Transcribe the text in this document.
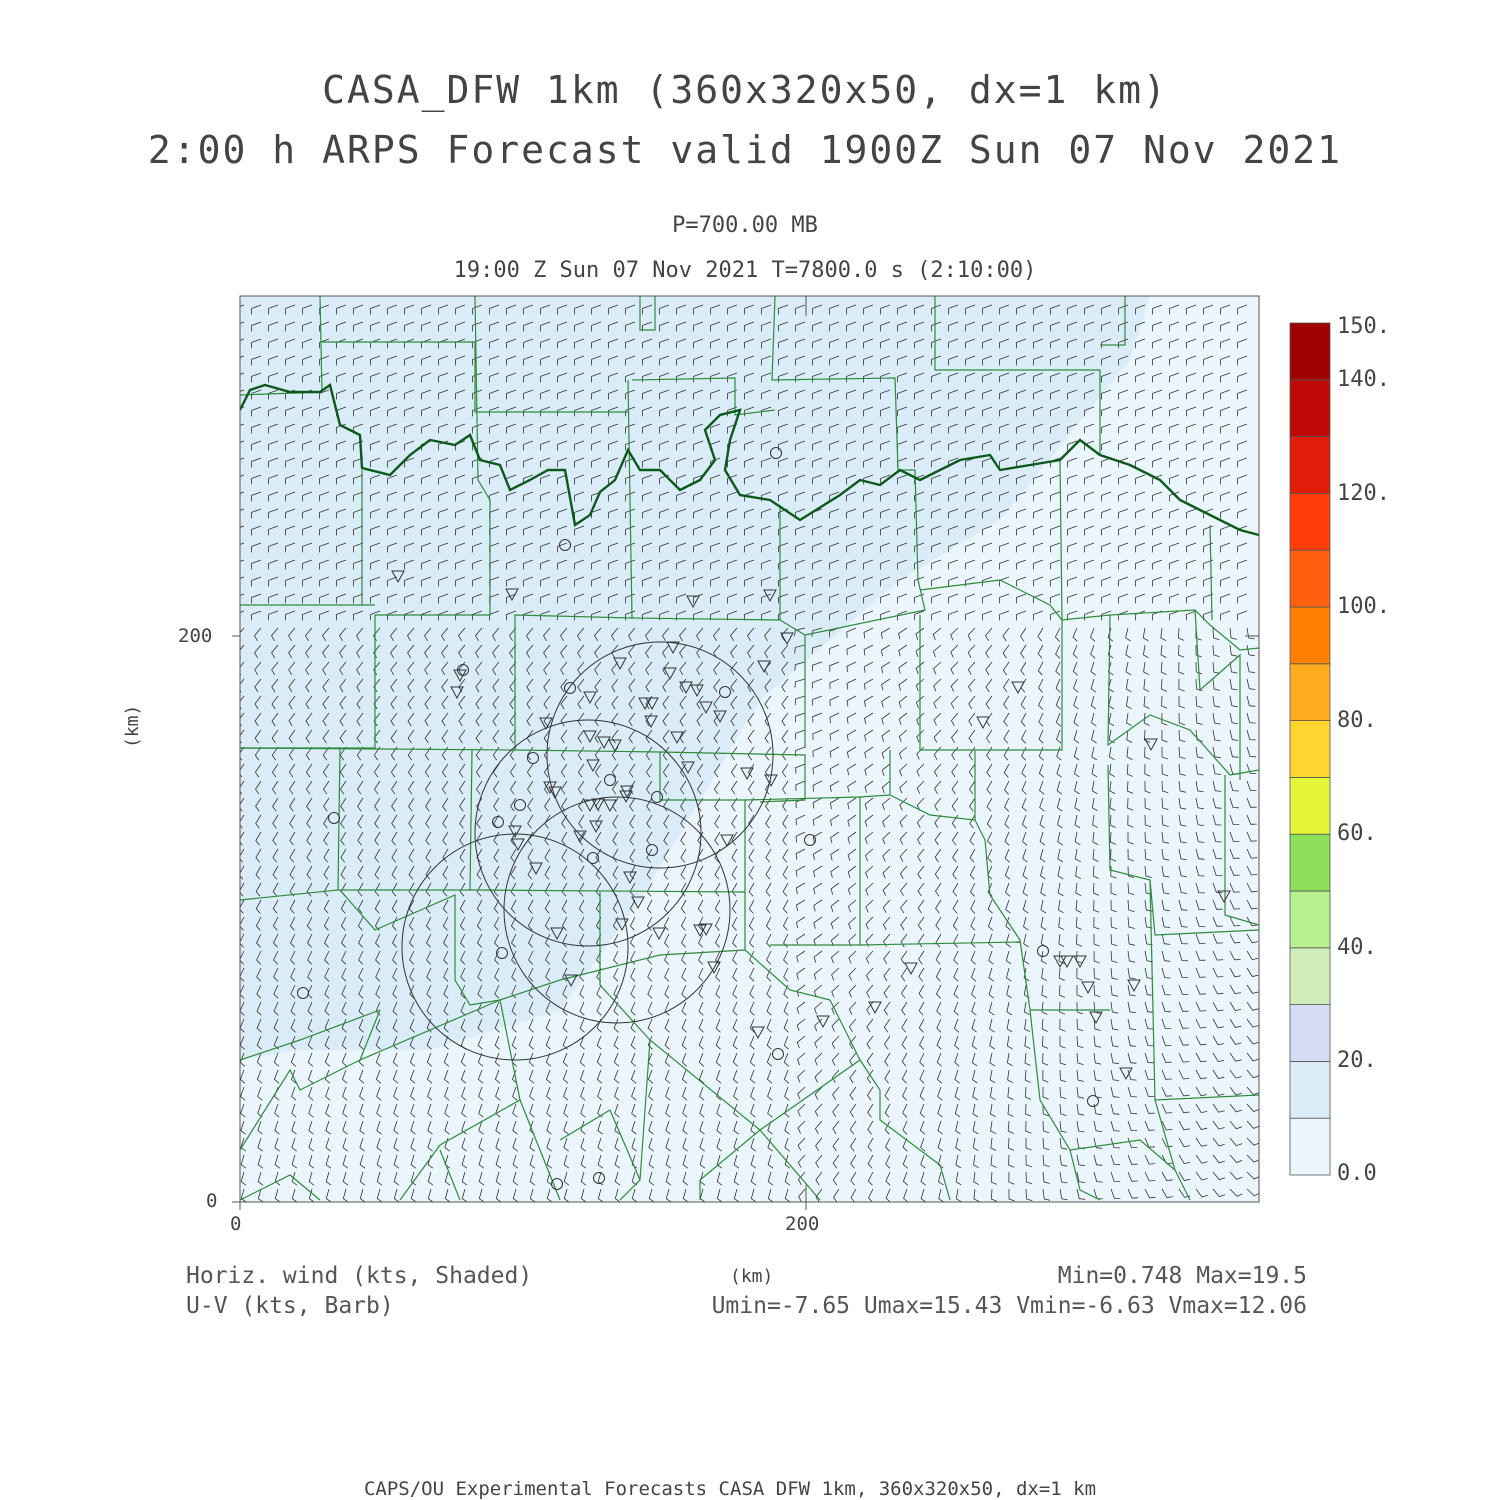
CASA_DFW 1km (360x320x50, dx=1 km)
2:00 h ARPS Forecast valid 1900Z Sun 07 Nov 2021
P=700.00 MB
19:00 Z Sun 07 Nov 2021 T=7800.0 s (2:10:00)
(km)
(km)
200
0
0	200
150.
140.
120.
100.
80.
60.
40.
20.
0.0
Horiz. wind (kts, Shaded)
U-V (kts, Barb)
Min=0.748 Max=19.5
Umin=-7.65 Umax=15.43 Vmin=-6.63 Vmax=12.06
CAPS/OU Experimental Forecasts CASA DFW 1km, 360x320x50, dx=1 km
